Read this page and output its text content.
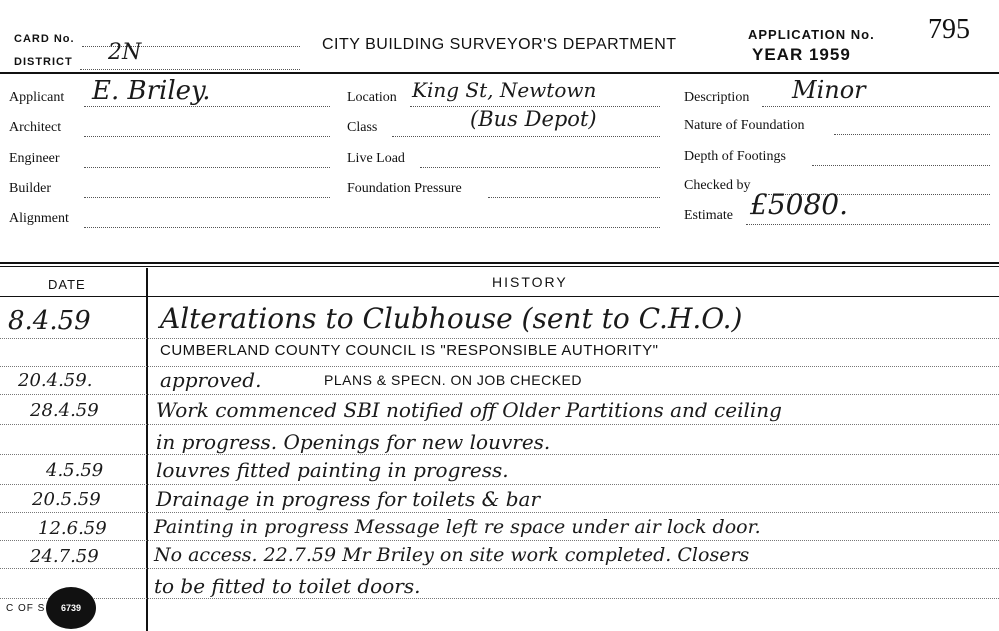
CARD No.
DISTRICT 2N	CITY BUILDING SURVEYOR'S DEPARTMENT
APPLICATION No.
YEAR 1959
795
Applicant E. Briley.
Architect
Engineer
Builder
Alignment
Location King St, Newtown
Class	(Bus Depot)
Live Load
Foundation Pressure
Description Minor
Nature of Foundation
Depth of Footings
Checked by
Estimate £5080.
DATE	HISTORY
8.4.59 Alterations to Clubhouse (sent to C.H.O.)
CUMBERLAND COUNTY COUNCIL IS "RESPONSIBLE AUTHORITY"
20.4.59.	approved.	PLANS & SPECN. ON JOB CHECKED
28.4.59	Work commenced SBI notified off Older Partitions and ceiling
in progress. Openings for new louvres.
4.5.59	louvres fitted painting in progress.
20.5.59	Drainage in progress for toilets & bar
12.6.59 Painting in progress Message left re space under air lock door.
24.7.59	No access. 22.7.59 Mr Briley on site work completed. Closers
to be fitted to toilet doors.
C OF S 6739
